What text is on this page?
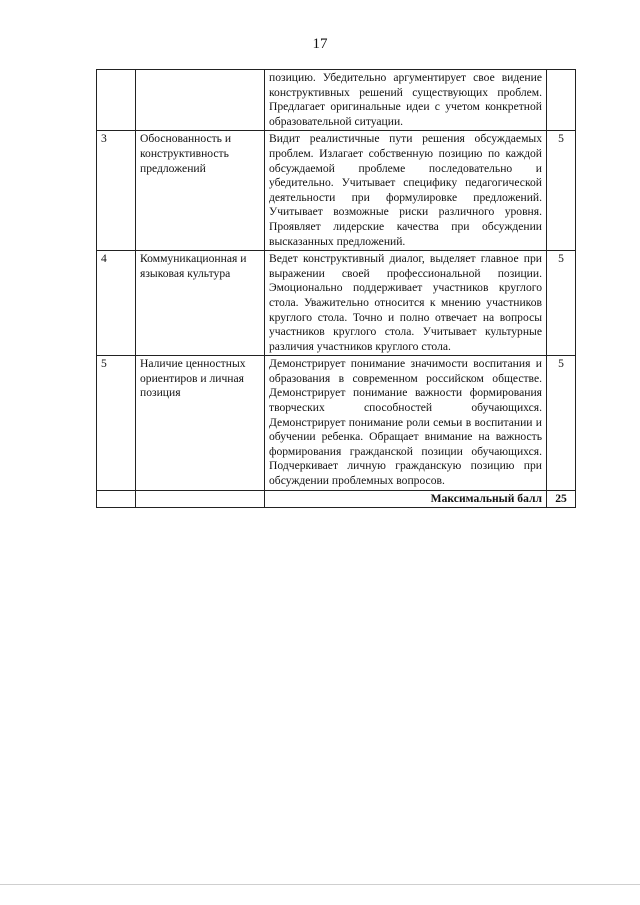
17
		позицию. Убедительно аргументирует свое видение конструктивных решений существующих проблем. Предлагает оригинальные идеи с учетом конкретной образовательной ситуации.	
3	Обоснованность и конструктивность предложений	Видит реалистичные пути решения обсуждаемых проблем. Излагает собственную позицию по каждой обсуждаемой проблеме последовательно и убедительно. Учитывает специфику педагогической деятельности при формулировке предложений. Учитывает возможные риски различного уровня. Проявляет лидерские качества при обсуждении высказанных предложений.	5
4	Коммуникационная и языковая культура	Ведет конструктивный диалог, выделяет главное при выражении своей профессиональной позиции. Эмоционально поддерживает участников круглого стола. Уважительно относится к мнению участников круглого стола. Точно и полно отвечает на вопросы участников круглого стола. Учитывает культурные различия участников круглого стола.	5
5	Наличие ценностных ориентиров и личная позиция	Демонстрирует понимание значимости воспитания и образования в современном российском обществе. Демонстрирует понимание важности формирования творческих способностей обучающихся. Демонстрирует понимание роли семьи в воспитании и обучении ребенка. Обращает внимание на важность формирования гражданской позиции обучающихся. Подчеркивает личную гражданскую позицию при обсуждении проблемных вопросов.	5
		Максимальный балл	25
